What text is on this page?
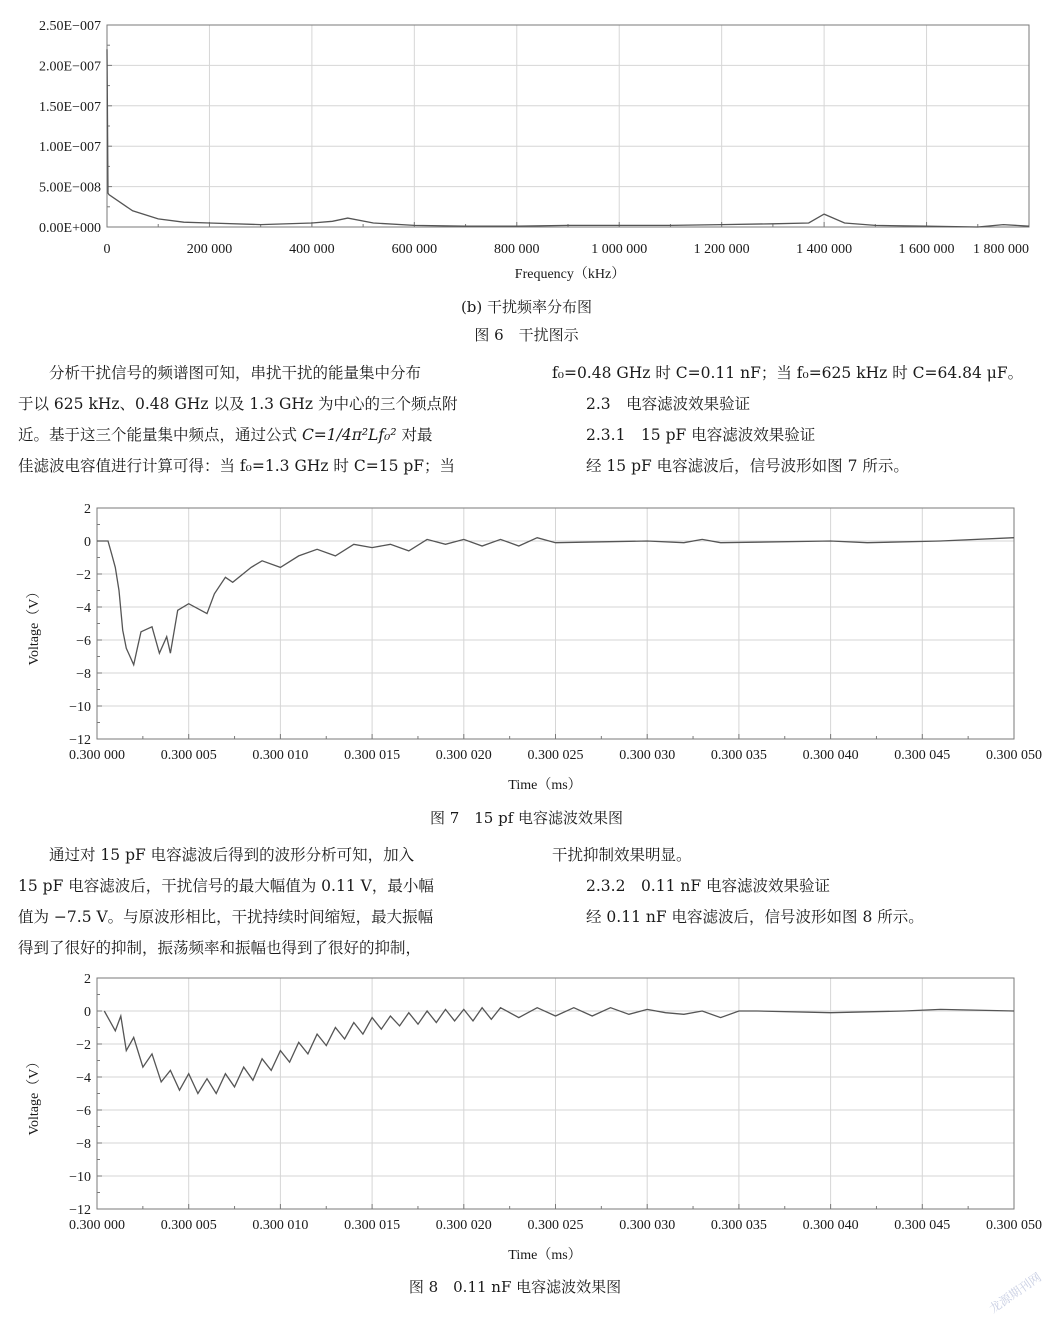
0	200 000	400 000	600 000	800 000	1 000 000	1 200 000	1 400 000	1 600 000 1 800 000
0.00E+000
5.00E−008
1.00E−007
1.50E−007
2.00E−007
2.50E−007
Frequency（kHz）
(b) 干扰频率分布图
图 6　干扰图示

分析干扰信号的频谱图可知，串扰干扰的能量集中分布

于以 625 kHz、0.48 GHz 以及 1.3 GHz 为中心的三个频点附

近。基于这三个能量集中频点，通过公式 C=1/4π²Lf₀² 对最

佳滤波电容值进行计算可得：当 f₀=1.3 GHz 时 C=15 pF；当

f₀=0.48 GHz 时 C=0.11 nF；当 f₀=625 kHz 时 C=64.84 μF。

2.3　电容滤波效果验证

2.3.1　15 pF 电容滤波效果验证

经 15 pF 电容滤波后，信号波形如图 7 所示。

0.300 000	0.300 005	0.300 010	0.300 015	0.300 020	0.300 025	0.300 030	0.300 035	0.300 040	0.300 045	0.300 050
2
0
−2
−4
−6
−8
−10
−12
Time（ms）
Voltage（V）
图 7　15 pf 电容滤波效果图

通过对 15 pF 电容滤波后得到的波形分析可知，加入

15 pF 电容滤波后，干扰信号的最大幅值为 0.11 V，最小幅

值为 −7.5 V。与原波形相比，干扰持续时间缩短，最大振幅

得到了很好的抑制，振荡频率和振幅也得到了很好的抑制，

干扰抑制效果明显。

2.3.2　0.11 nF 电容滤波效果验证

经 0.11 nF 电容滤波后，信号波形如图 8 所示。

0.300 000	0.300 005	0.300 010	0.300 015	0.300 020	0.300 025	0.300 030	0.300 035	0.300 040	0.300 045	0.300 050
2
0
−2
−4
−6
−8
−10
−12
Time（ms）
Voltage（V）
图 8　0.11 nF 电容滤波效果图	龙源期刊网
